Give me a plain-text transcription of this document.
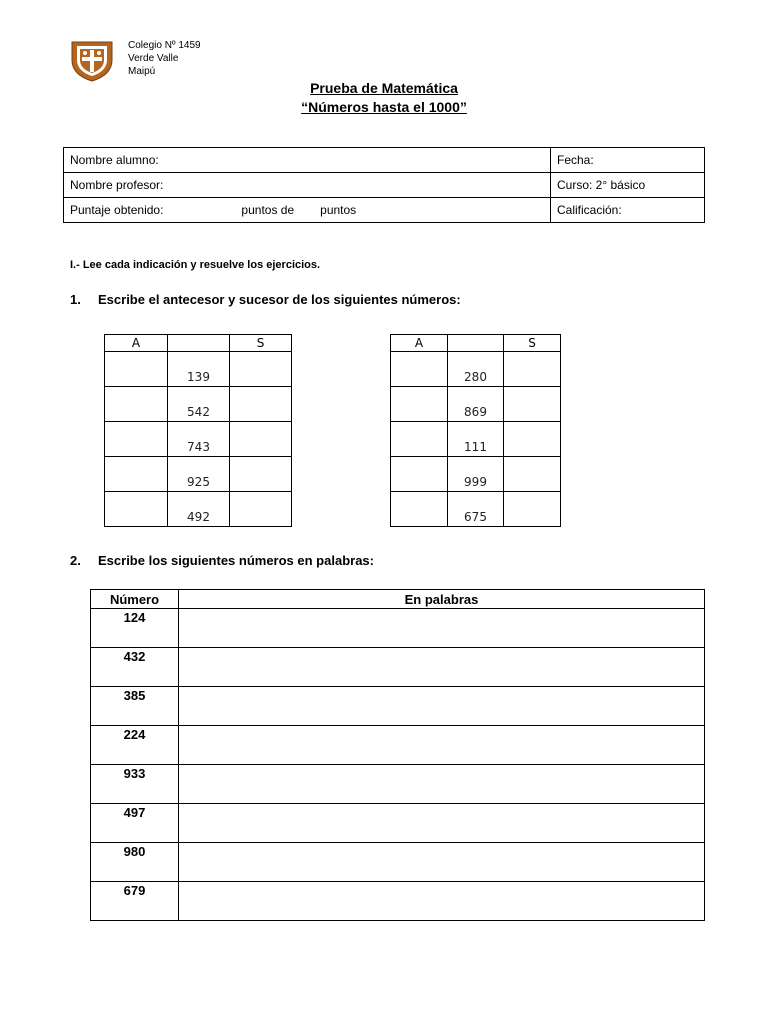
Colegio Nº 1459
Verde Valle
Maipú
Prueba de Matemática
“Números hasta el 1000”
Nombre alumno:	Fecha:
Nombre profesor:	Curso: 2° básico
Puntaje obtenido: puntos de puntos	Calificación:
I.- Lee cada indicación y resuelve los ejercicios.
1. Escribe el antecesor y sucesor de los siguientes números:
A		S
	139	
	542	
	743	
	925	
	492	
A		S
	280	
	869	
	111	
	999	
	675	
2. Escribe los siguientes números en palabras:
Número	En palabras
124	
432	
385	
224	
933	
497	
980	
679	
